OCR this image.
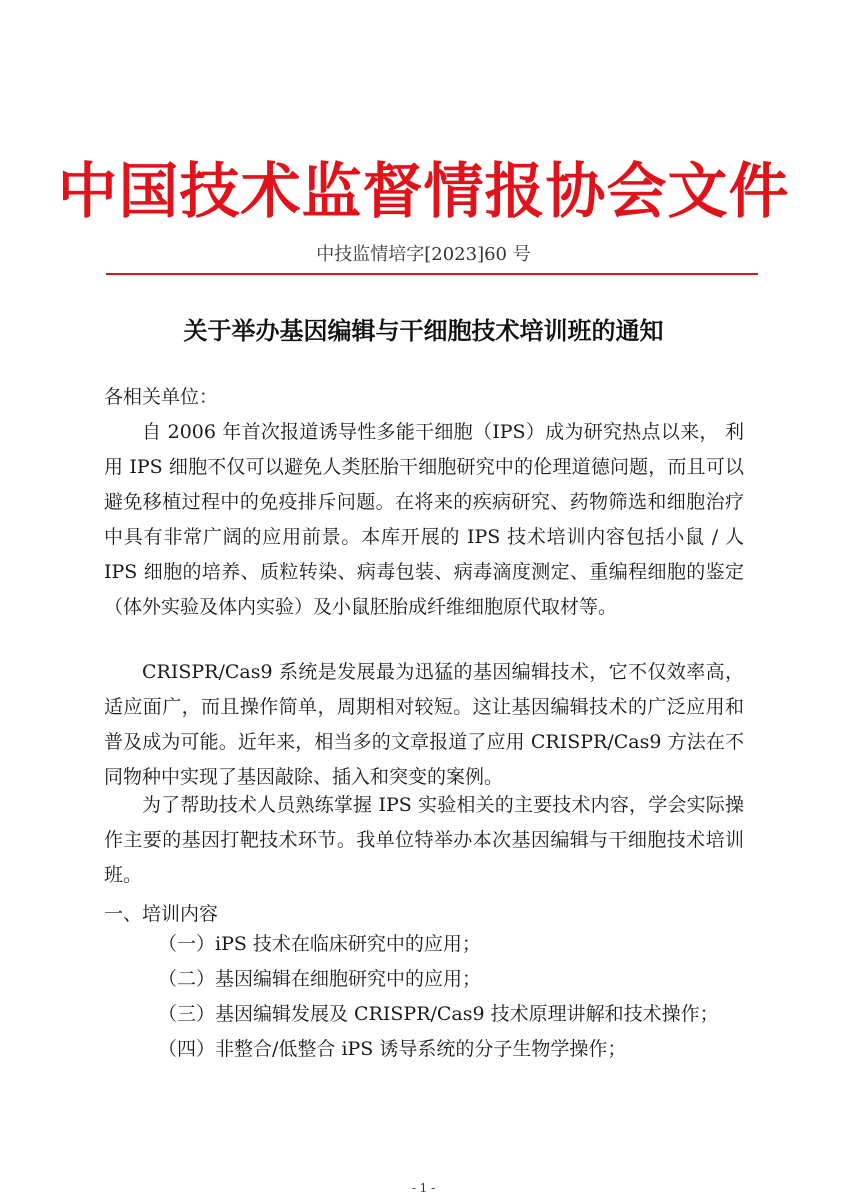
中国技术监督情报协会文件
中技监情培字[2023]60 号
关于举办基因编辑与干细胞技术培训班的通知
各相关单位：
自 2006 年首次报道诱导性多能干细胞（IPS）成为研究热点以来， 利用 IPS 细胞不仅可以避免人类胚胎干细胞研究中的伦理道德问题，而且可以避免移植过程中的免疫排斥问题。在将来的疾病研究、药物筛选和细胞治疗中具有非常广阔的应用前景。本库开展的 IPS 技术培训内容包括小鼠 / 人 IPS 细胞的培养、质粒转染、病毒包装、病毒滴度测定、重编程细胞的鉴定（体外实验及体内实验）及小鼠胚胎成纤维细胞原代取材等。
CRISPR/Cas9 系统是发展最为迅猛的基因编辑技术，它不仅效率高，适应面广，而且操作简单，周期相对较短。这让基因编辑技术的广泛应用和普及成为可能。近年来，相当多的文章报道了应用 CRISPR/Cas9 方法在不同物种中实现了基因敲除、插入和突变的案例。
为了帮助技术人员熟练掌握 IPS 实验相关的主要技术内容，学会实际操作主要的基因打靶技术环节。我单位特举办本次基因编辑与干细胞技术培训班。
一、培训内容
（一）iPS 技术在临床研究中的应用；
（二）基因编辑在细胞研究中的应用；
（三）基因编辑发展及 CRISPR/Cas9 技术原理讲解和技术操作；
（四）非整合/低整合 iPS 诱导系统的分子生物学操作；
- 1 -
